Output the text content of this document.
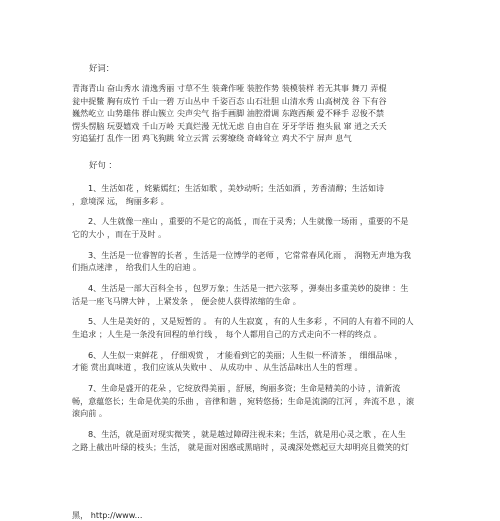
好词：
青海青山 奋山秀水 清逸秀丽 寸草不生 装聋作哑 装腔作势 装模装样 若无其事 舞刀 弄棍
瓮中捉鳖 胸有成竹 千山一碧 万山丛中 千姿百态 山石壮胆 山清水秀 山高树茂 谷 下有谷
巍然屹立 山势雄伟 群山簇立 尖声尖气 指手画脚 油腔滑调 东跑西颠 爱不释手 忍俊不禁
愣头愣脑 玩耍嬉戏 千山万岭 天真烂漫 无忧无虑 自由自在 牙牙学语 抱头鼠 窜 逍之夭夭
穷追猛打 乱作一团 鸡飞狗跳 耸立云霄 云雾缭绕 奇峰耸立 鸡犬不宁 屏声 息气
好句 ：
1、生活如花 ，姹紫嫣红；生活如歌 ，美妙动听；生活如酒 ，芳香清醇；生活如诗
，意境深 远， 绚丽多彩 。
2、人生就像一座山 ，重要的不是它的高低 ，而在于灵秀；人生就像一场雨 ，重要的不是
它的大小 ，而在于及时 。
3、生活是一位睿智的长者 ，生活是一位博学的老师 ，它常常春风化雨 ， 润物无声地为我
们指点迷津 ， 给我们人生的启迪 。
4、生活是一部大百科全书 ，包罗万象；生活是一把六弦琴 ，弹奏出多重美妙的旋律 ：生
活是一座飞马牌大钟 ，上紧发条 ， 便会使人获得浓缩的生命 。
5、人生是美好的 ，又是短暂的 。 有的人生寂寞 ，有的人生多彩 ，不同的人有着不同的人
生追求 ；人生是一条没有回程的单行线 ， 每个人都用自己的方式走向不一样的终点 。
6、人生似一束鲜花 ， 仔细观赏 ， 才能看到它的美丽；人生似一杯清茶 ， 细细品味 ，
才能 赏出真味道 ，我们应该从失败中 、 从成功中 、从生活品味出人生的哲理 。
7、生命是盛开的花朵 ，它绽放得美丽 ，舒展，绚丽多资；生命是精美的小诗 ，清新流
畅，意蕴悠长；生命是优美的乐曲 ，音律和谐 ，宛转悠扬；生命是流淌的江河 ，奔流不息 ，滚
滚向前 。
8、生活，就是面对现实微笑 ，就是越过障碍注视未来；生活，就是用心灵之歌 ，在人生
之路上截出叶绿的枝头；生活， 就是面对困惑或黑暗时 ，灵魂深处燃起豆大却明亮且微笑的灯
黑， http://www...
